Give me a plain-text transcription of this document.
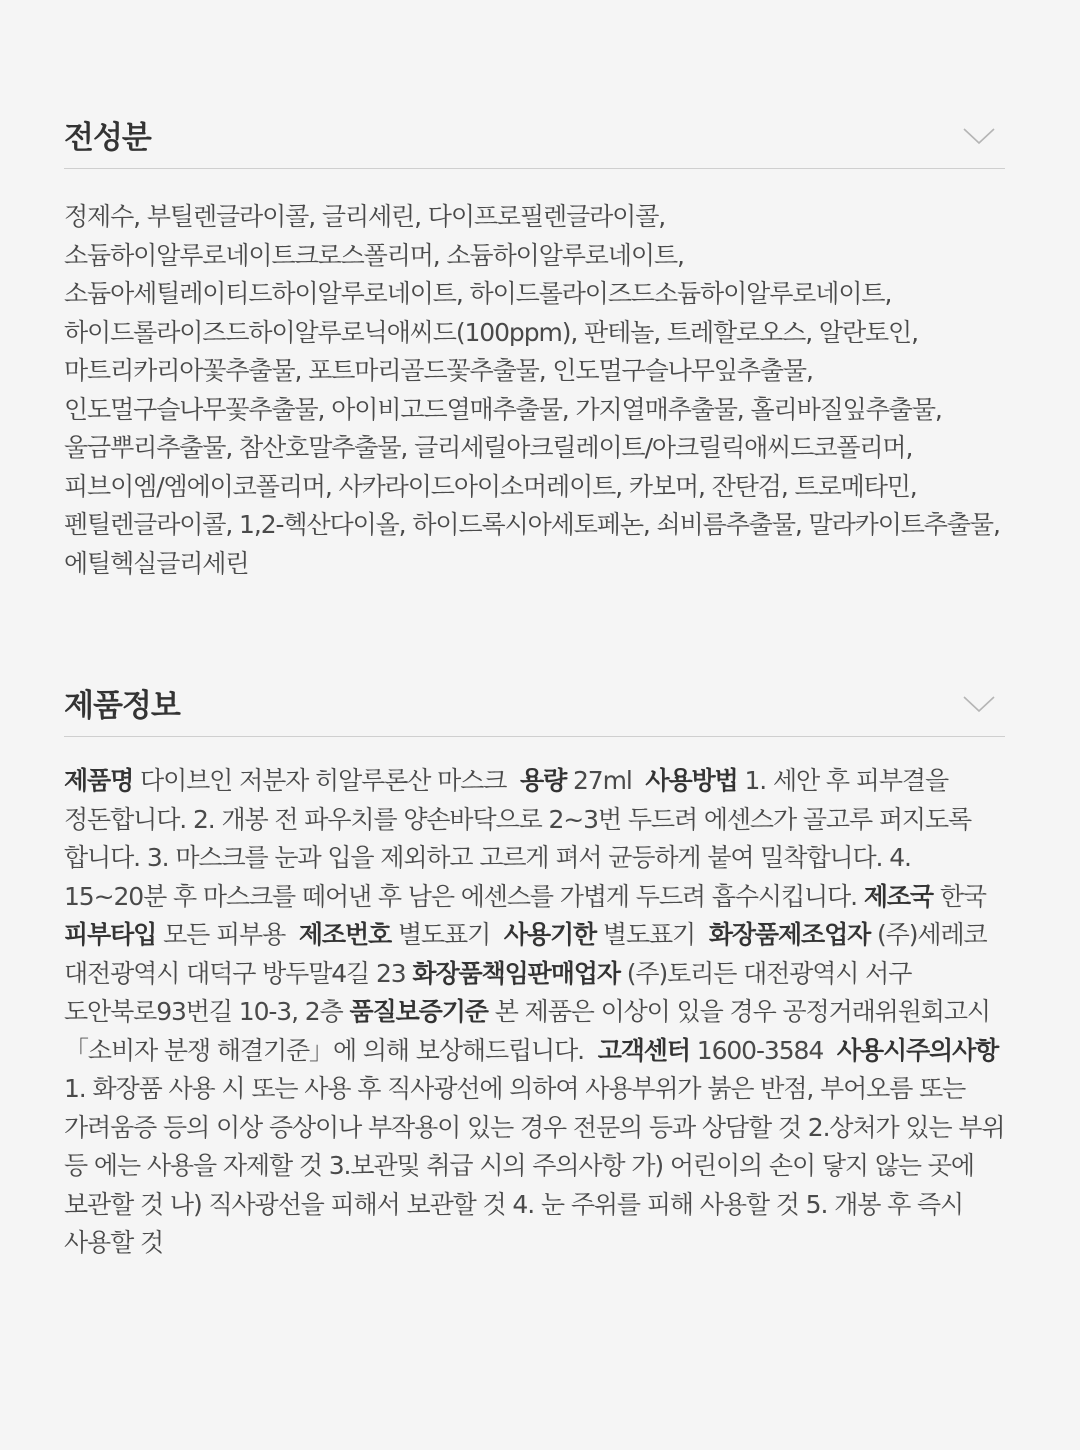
전성분
정제수, 부틸렌글라이콜, 글리세린, 다이프로필렌글라이콜, 소듐하이알루로네이트크로스폴리머, 소듐하이알루로네이트, 소듐아세틸레이티드하이알루로네이트, 하이드롤라이즈드소듐하이알루로네이트, 하이드롤라이즈드하이알루로닉애씨드(100ppm), 판테놀, 트레할로오스, 알란토인, 마트리카리아꽃추출물, 포트마리골드꽃추출물, 인도멀구슬나무잎추출물, 인도멀구슬나무꽃추출물, 아이비고드열매추출물, 가지열매추출물, 홀리바질잎추출물, 울금뿌리추출물, 참산호말추출물, 글리세릴아크릴레이트/아크릴릭애씨드코폴리머, 피브이엠/엠에이코폴리머, 사카라이드아이소머레이트, 카보머, 잔탄검, 트로메타민, 펜틸렌글라이콜, 1,2-헥산다이올, 하이드록시아세토페논, 쇠비름추출물, 말라카이트추출물, 에틸헥실글리세린
제품정보
제품명 다이브인 저분자 히알루론산 마스크 용량 27ml 사용방법 1. 세안 후 피부결을 정돈합니다. 2. 개봉 전 파우치를 양손바닥으로 2~3번 두드려 에센스가 골고루 퍼지도록 합니다. 3. 마스크를 눈과 입을 제외하고 고르게 펴서 균등하게 붙여 밀착합니다. 4. 15~20분 후 마스크를 떼어낸 후 남은 에센스를 가볍게 두드려 흡수시킵니다. 제조국 한국  피부타입 모든 피부용 제조번호 별도표기 사용기한 별도표기 화장품제조업자 (주)세레코 대전광역시 대덕구 방두말4길 23 화장품책임판매업자 (주)토리든 대전광역시 서구 도안북로93번길 10-3, 2층 품질보증기준 본 제품은 이상이 있을 경우 공정거래위원회고시「소비자 분쟁 해결기준」에 의해 보상해드립니다. 고객센터 1600-3584 사용시주의사항 1. 화장품 사용 시 또는 사용 후 직사광선에 의하여 사용부위가 붉은 반점, 부어오름 또는 가려움증 등의 이상 증상이나 부작용이 있는 경우 전문의 등과 상담할 것 2.상처가 있는 부위 등 에는 사용을 자제할 것 3.보관및 취급 시의 주의사항 가) 어린이의 손이 닿지 않는 곳에 보관할 것 나) 직사광선을 피해서 보관할 것 4. 눈 주위를 피해 사용할 것 5. 개봉 후 즉시 사용할 것
